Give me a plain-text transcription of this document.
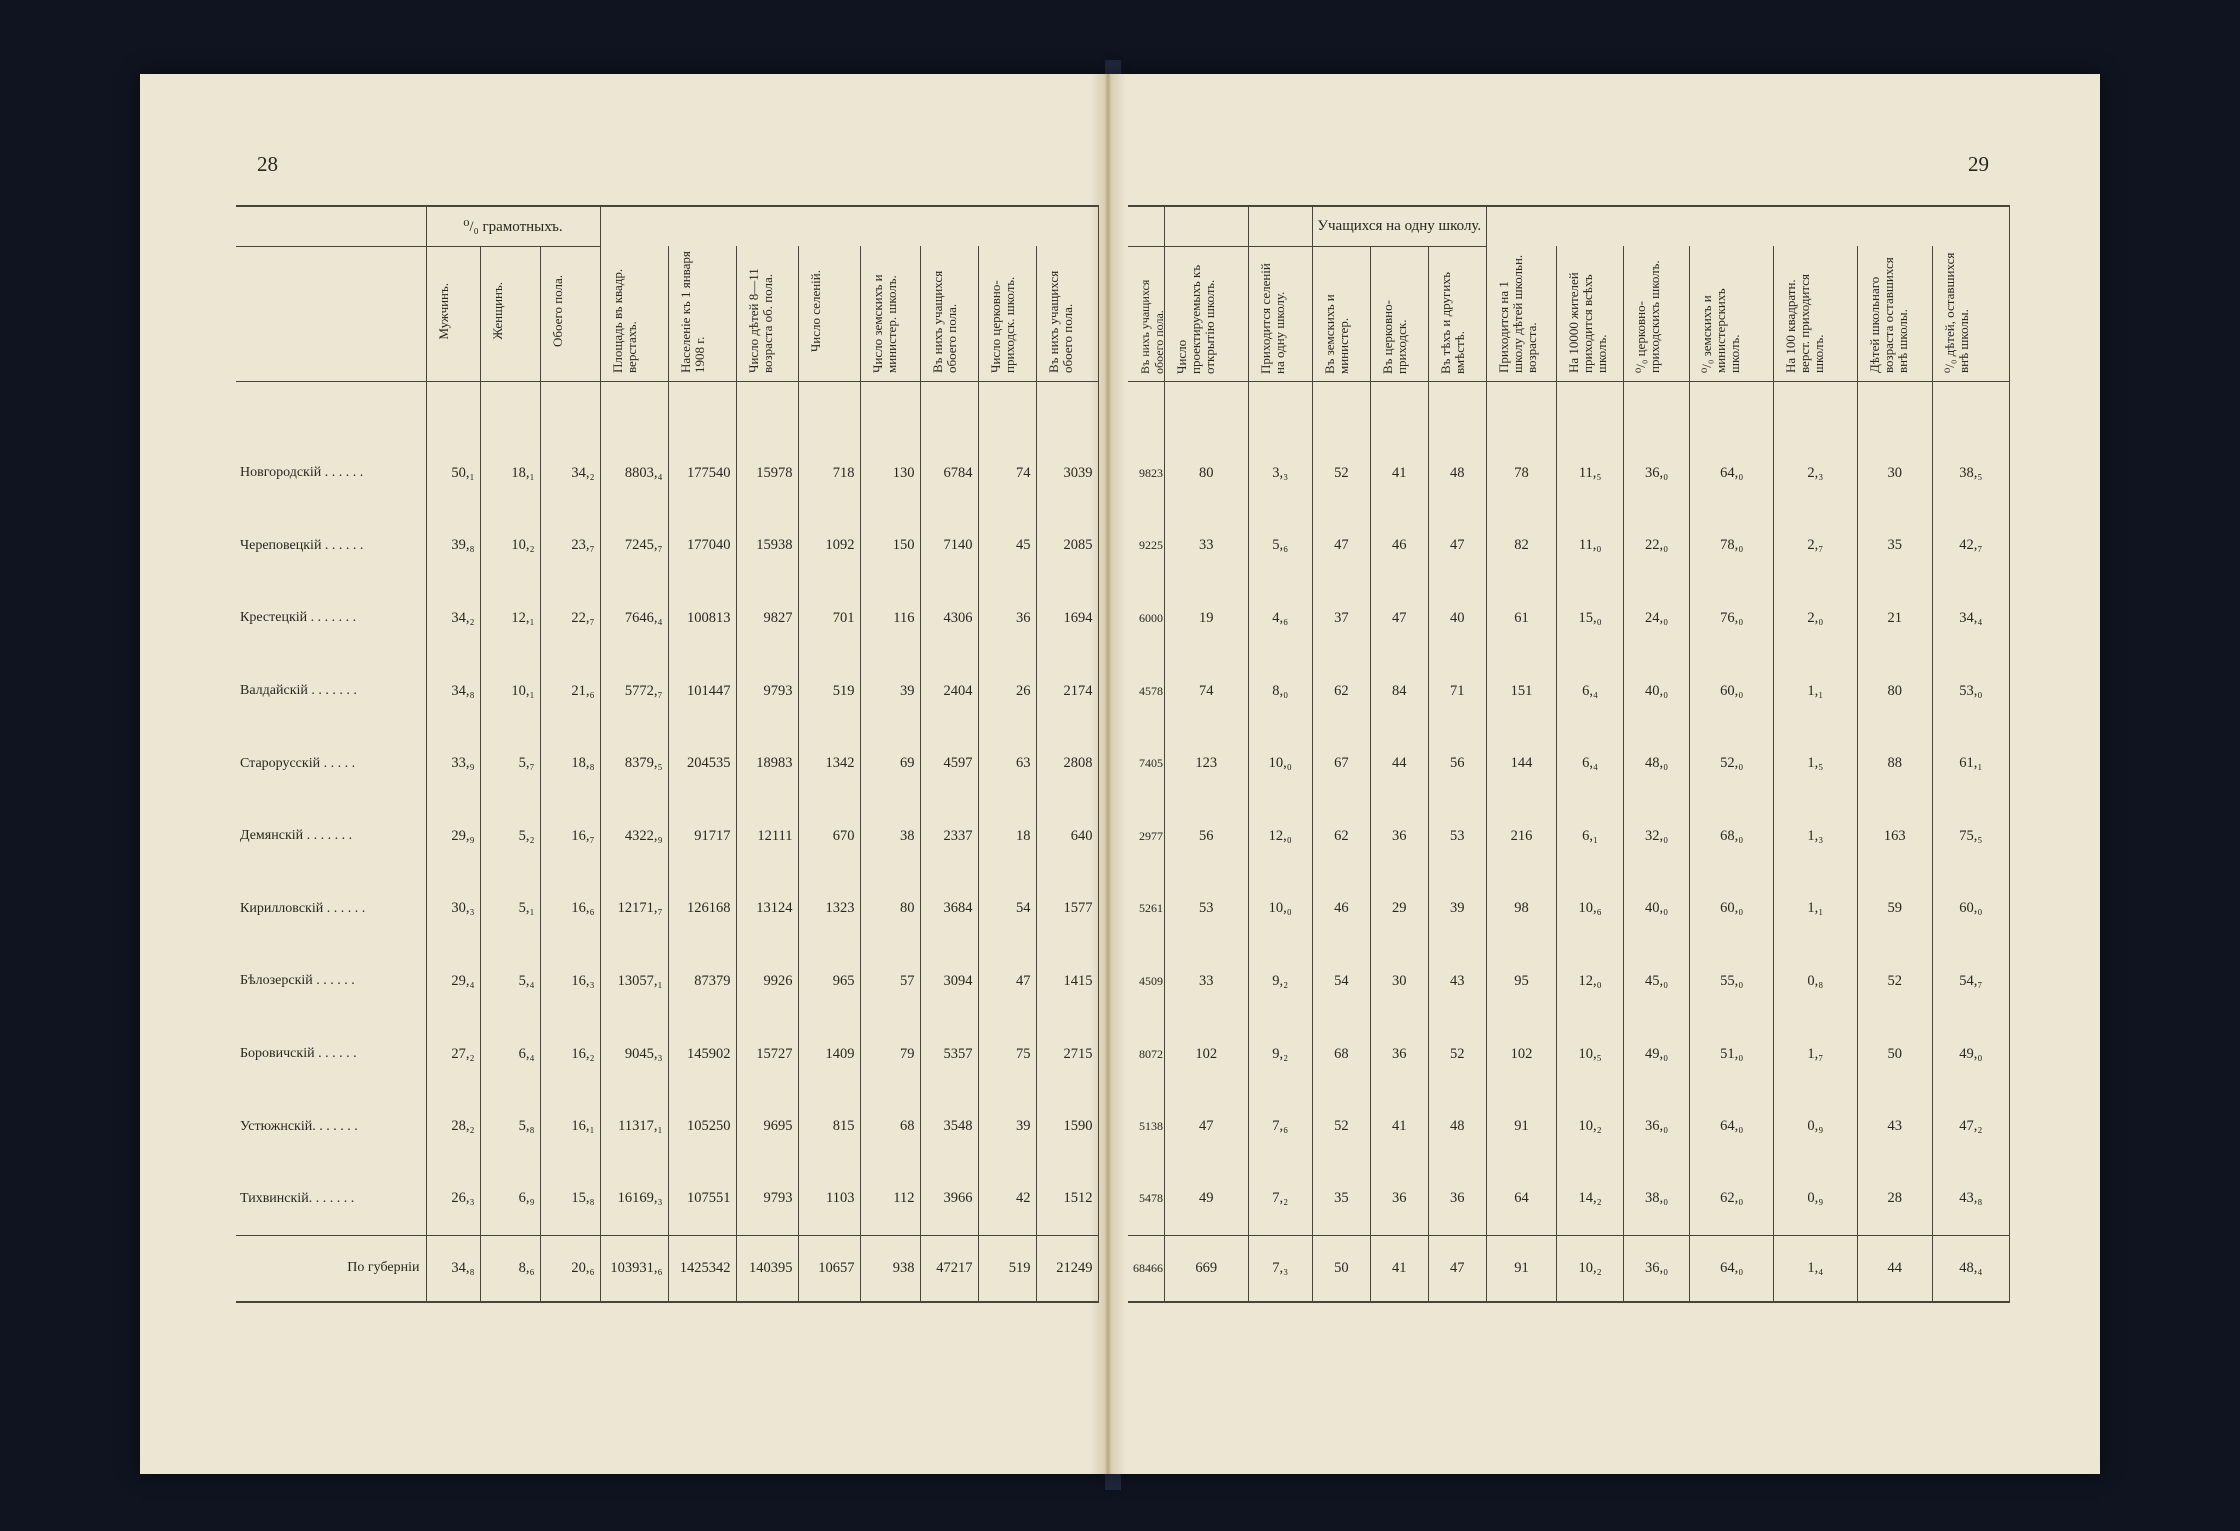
28	29
	⁰/₀ грамотныхъ.										
	Мужчинъ.	Женщинъ.	Обоего пола.	Площадь въ квадр. верстахъ.	Населеніе къ 1 января 1908 г.	Число дѣтей 8—11 возраста об. пола.	Число селеній.	Число земскихъ и министер. школъ.	Въ нихъ учащихся обоего пола.	Число церковно-приходск. школъ.	Въ нихъ учащихся обоего пола.

Новгородскій . . . . . .	50,₁	18,₁	34,₂	8803,₄	177540	15978	718	130	6784	74	3039
Череповецкій . . . . . .	39,₈	10,₂	23,₇	7245,₇	177040	15938	1092	150	7140	45	2085
Крестецкій . . . . . . .	34,₂	12,₁	22,₇	7646,₄	100813	9827	701	116	4306	36	1694
Валдайскій . . . . . . .	34,₈	10,₁	21,₆	5772,₇	101447	9793	519	39	2404	26	2174
Старорусскій . . . . .	33,₉	5,₇	18,₈	8379,₅	204535	18983	1342	69	4597	63	2808
Демянскій . . . . . . .	29,₉	5,₂	16,₇	4322,₉	91717	12111	670	38	2337	18	640
Кирилловскій . . . . . .	30,₃	5,₁	16,₆	12171,₇	126168	13124	1323	80	3684	54	1577
Бѣлозерскій . . . . . .	29,₄	5,₄	16,₃	13057,₁	87379	9926	965	57	3094	47	1415
Боровичскій . . . . . .	27,₂	6,₄	16,₂	9045,₃	145902	15727	1409	79	5357	75	2715
Устюжнскій. . . . . . .	28,₂	5,₈	16,₁	11317,₁	105250	9695	815	68	3548	39	1590
Тихвинскій. . . . . . .	26,₃	6,₉	15,₈	16169,₃	107551	9793	1103	112	3966	42	1512
По губерніи	34,₈	8,₆	20,₆	103931,₆	1425342	140395	10657	938	47217	519	21249
			Учащихся на одну школу.									
Въ нихъ учащихся обоего пола.	Число проектируемыхъ къ открытію школъ.	Приходится селеній на одну школу.	Въ земскихъ и министер.	Въ церковно-приходск.	Въ тѣхъ и другихъ вмѣстѣ.	Приходится на 1 школу дѣтей школьн. возраста.	На 10000 жителей приходится всѣхъ школъ.	⁰/₀ церковно-приходскихъ школъ.	⁰/₀ земскихъ и министерскихъ школъ.	На 100 квадратн. верст. приходится школъ.	Дѣтей школьнаго возраста оставшихся внѣ школы.	⁰/₀ дѣтей, оставшихся внѣ школы.

9823	80	3,₃	52	41	48	78	11,₅	36,₀	64,₀	2,₃	30	38,₅
9225	33	5,₆	47	46	47	82	11,₀	22,₀	78,₀	2,₇	35	42,₇
6000	19	4,₆	37	47	40	61	15,₀	24,₀	76,₀	2,₀	21	34,₄
4578	74	8,₀	62	84	71	151	6,₄	40,₀	60,₀	1,₁	80	53,₀
7405	123	10,₀	67	44	56	144	6,₄	48,₀	52,₀	1,₅	88	61,₁
2977	56	12,₀	62	36	53	216	6,₁	32,₀	68,₀	1,₃	163	75,₅
5261	53	10,₀	46	29	39	98	10,₆	40,₀	60,₀	1,₁	59	60,₀
4509	33	9,₂	54	30	43	95	12,₀	45,₀	55,₀	0,₈	52	54,₇
8072	102	9,₂	68	36	52	102	10,₅	49,₀	51,₀	1,₇	50	49,₀
5138	47	7,₆	52	41	48	91	10,₂	36,₀	64,₀	0,₉	43	47,₂
5478	49	7,₂	35	36	36	64	14,₂	38,₀	62,₀	0,₉	28	43,₈
68466	669	7,₃	50	41	47	91	10,₂	36,₀	64,₀	1,₄	44	48,₄
